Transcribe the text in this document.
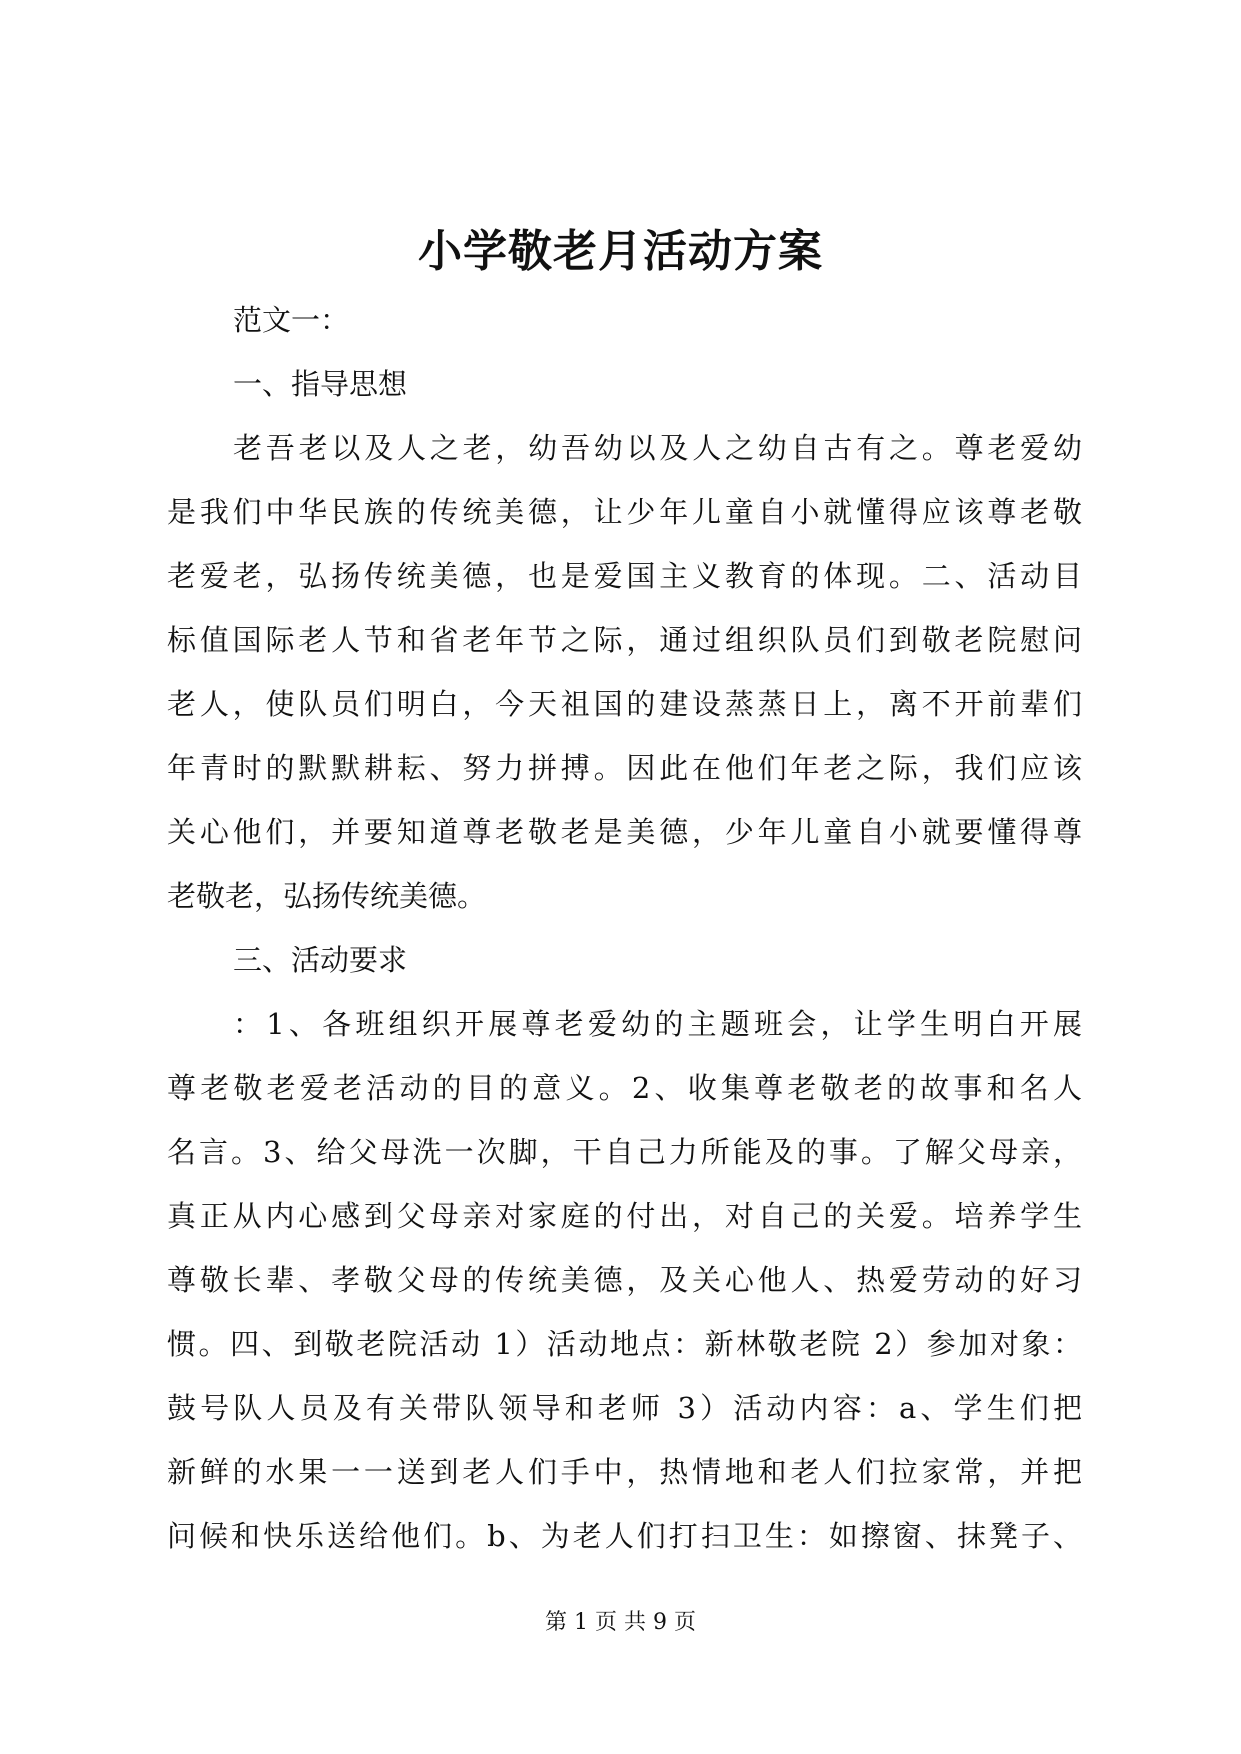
小学敬老月活动方案
范文一：
一、指导思想
老吾老以及人之老，幼吾幼以及人之幼自古有之。尊老爱幼
是我们中华民族的传统美德，让少年儿童自小就懂得应该尊老敬
老爱老，弘扬传统美德，也是爱国主义教育的体现。二、活动目
标值国际老人节和省老年节之际，通过组织队员们到敬老院慰问
老人，使队员们明白，今天祖国的建设蒸蒸日上，离不开前辈们
年青时的默默耕耘、努力拼搏。因此在他们年老之际，我们应该
关心他们，并要知道尊老敬老是美德，少年儿童自小就要懂得尊
老敬老，弘扬传统美德。
三、活动要求
：1、各班组织开展尊老爱幼的主题班会，让学生明白开展
尊老敬老爱老活动的目的意义。2、收集尊老敬老的故事和名人
名言。3、给父母洗一次脚，干自己力所能及的事。了解父母亲，
真正从内心感到父母亲对家庭的付出，对自己的关爱。培养学生
尊敬长辈、孝敬父母的传统美德，及关心他人、热爱劳动的好习
惯。四、到敬老院活动 1）活动地点：新林敬老院 2）参加对象：
鼓号队人员及有关带队领导和老师 3）活动内容：a、学生们把
新鲜的水果一一送到老人们手中，热情地和老人们拉家常，并把
问候和快乐送给他们。b、为老人们打扫卫生：如擦窗、抹凳子、
第 1 页 共 9 页
